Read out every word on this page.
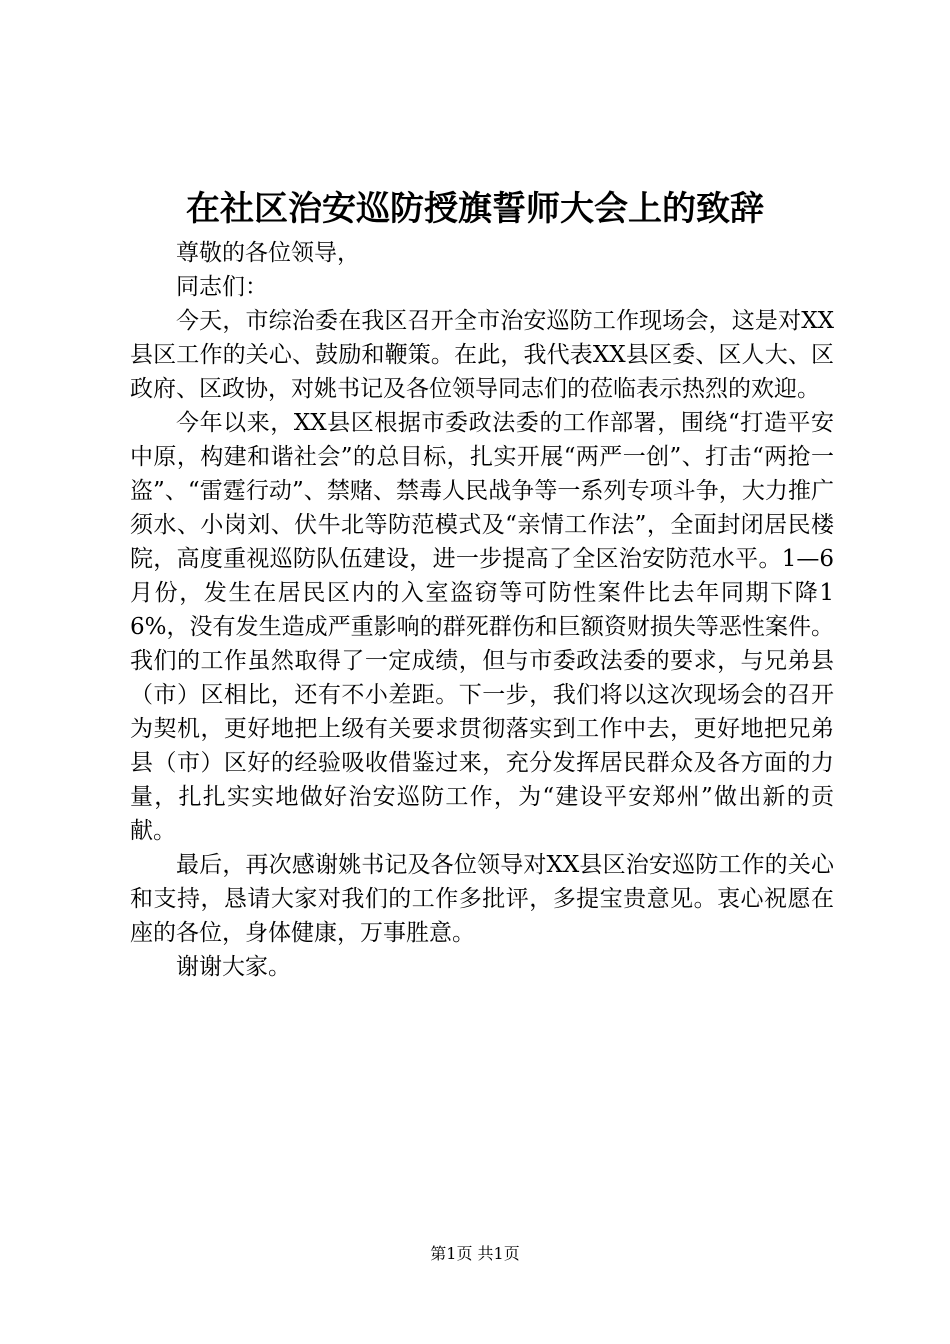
在社区治安巡防授旗誓师大会上的致辞

尊敬的各位领导，

同志们：

今天，市综治委在我区召开全市治安巡防工作现场会，这是对XX县区工作的关心、鼓励和鞭策。在此，我代表XX县区委、区人大、区政府、区政协，对姚书记及各位领导同志们的莅临表示热烈的欢迎。

今年以来，XX县区根据市委政法委的工作部署，围绕“打造平安中原，构建和谐社会”的总目标，扎实开展“两严一创”、打击“两抢一盗”、“雷霆行动”、禁赌、禁毒人民战争等一系列专项斗争，大力推广须水、小岗刘、伏牛北等防范模式及“亲情工作法”，全面封闭居民楼院，高度重视巡防队伍建设，进一步提高了全区治安防范水平。1—6月份，发生在居民区内的入室盗窃等可防性案件比去年同期下降16%，没有发生造成严重影响的群死群伤和巨额资财损失等恶性案件。我们的工作虽然取得了一定成绩，但与市委政法委的要求，与兄弟县（市）区相比，还有不小差距。下一步，我们将以这次现场会的召开为契机，更好地把上级有关要求贯彻落实到工作中去，更好地把兄弟县（市）区好的经验吸收借鉴过来，充分发挥居民群众及各方面的力量，扎扎实实地做好治安巡防工作，为“建设平安郑州”做出新的贡献。

最后，再次感谢姚书记及各位领导对XX县区治安巡防工作的关心和支持，恳请大家对我们的工作多批评，多提宝贵意见。衷心祝愿在座的各位，身体健康，万事胜意。

谢谢大家。

第1页 共1页
